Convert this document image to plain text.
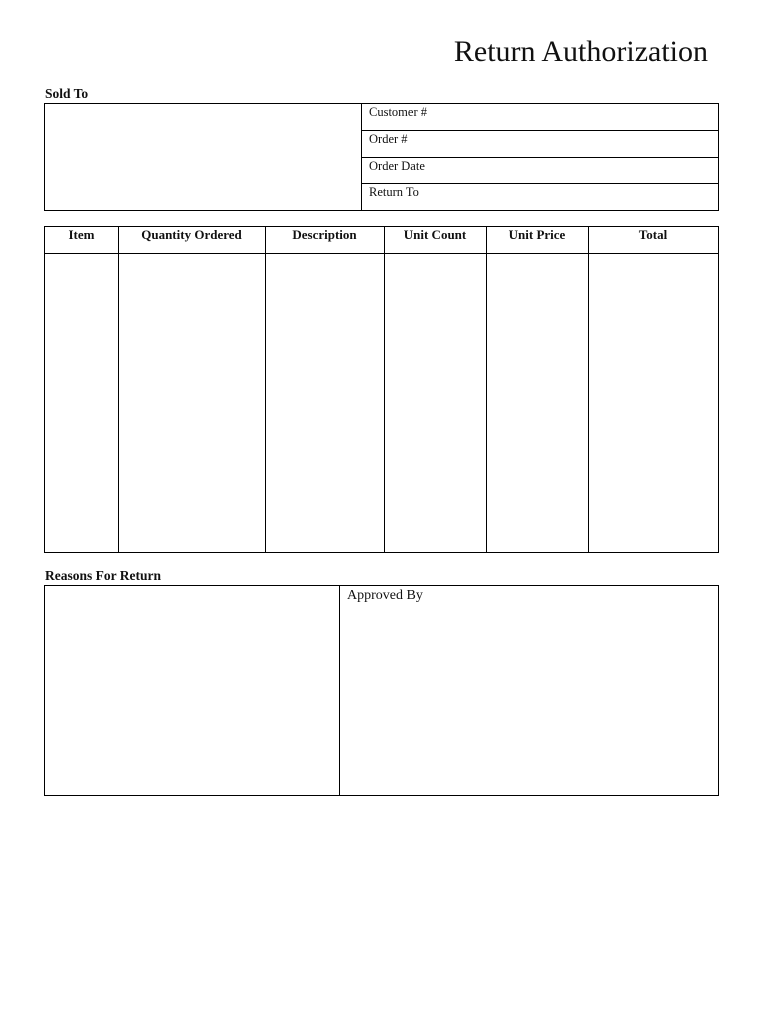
Return Authorization
Sold To
Customer #
Order #
Order Date
Return To
Item	Quantity Ordered	Description	Unit Count	Unit Price	Total
Reasons For Return
Approved By
